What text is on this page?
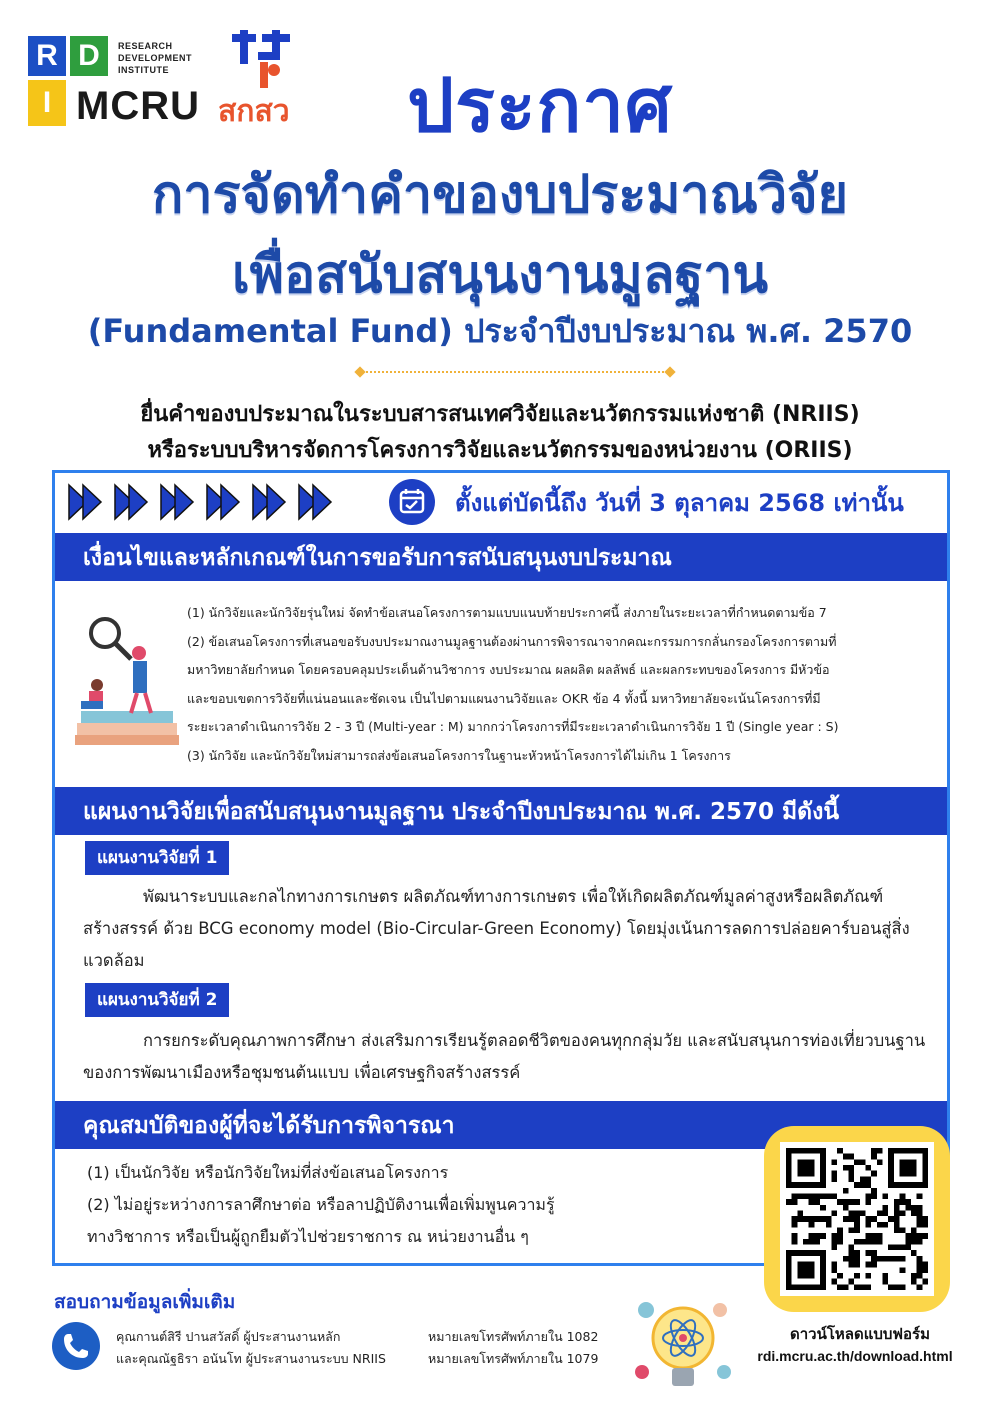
R D
I
RESEARCH
DEVELOPMENT
INSTITUTE
MCRU สกสว	ประกาศ
การจัดทำคำของบประมาณวิจัย
เพื่อสนับสนุนงานมูลฐาน
(Fundamental Fund) ประจำปีงบประมาณ พ.ศ. 2570
ยื่นคำของบประมาณในระบบสารสนเทศวิจัยและนวัตกรรมแห่งชาติ (NRIIS)
หรือระบบบริหารจัดการโครงการวิจัยและนวัตกรรมของหน่วยงาน (ORIIS)
ตั้งแต่บัดนี้ถึง วันที่ 3 ตุลาคม 2568 เท่านั้น
เงื่อนไขและหลักเกณฑ์ในการขอรับการสนับสนุนงบประมาณ

(1) นักวิจัยและนักวิจัยรุ่นใหม่ จัดทำข้อเสนอโครงการตามแบบแนบท้ายประกาศนี้ ส่งภายในระยะเวลาที่กำหนดตามข้อ 7

(2) ข้อเสนอโครงการที่เสนอขอรับงบประมาณงานมูลฐานต้องผ่านการพิจารณาจากคณะกรรมการกลั่นกรองโครงการตามที่

มหาวิทยาลัยกำหนด โดยครอบคลุมประเด็นด้านวิชาการ งบประมาณ ผลผลิต ผลลัพธ์ และผลกระทบของโครงการ มีหัวข้อ

และขอบเขตการวิจัยที่แน่นอนและชัดเจน เป็นไปตามแผนงานวิจัยและ OKR ข้อ 4 ทั้งนี้ มหาวิทยาลัยจะเน้นโครงการที่มี

ระยะเวลาดำเนินการวิจัย 2 - 3 ปี (Multi-year : M) มากกว่าโครงการที่มีระยะเวลาดำเนินการวิจัย 1 ปี (Single year : S)

(3) นักวิจัย และนักวิจัยใหม่สามารถส่งข้อเสนอโครงการในฐานะหัวหน้าโครงการได้ไม่เกิน 1 โครงการ

แผนงานวิจัยเพื่อสนับสนุนงานมูลฐาน ประจำปีงบประมาณ พ.ศ. 2570 มีดังนี้
แผนงานวิจัยที่ 1
พัฒนาระบบและกลไกทางการเกษตร ผลิตภัณฑ์ทางการเกษตร เพื่อให้เกิดผลิตภัณฑ์มูลค่าสูงหรือผลิตภัณฑ์สร้างสรรค์ ด้วย BCG economy model (Bio-Circular-Green Economy) โดยมุ่งเน้นการลดการปล่อยคาร์บอนสู่สิ่งแวดล้อม
แผนงานวิจัยที่ 2
การยกระดับคุณภาพการศึกษา ส่งเสริมการเรียนรู้ตลอดชีวิตของคนทุกกลุ่มวัย และสนับสนุนการท่องเที่ยวบนฐานของการพัฒนาเมืองหรือชุมชนต้นแบบ เพื่อเศรษฐกิจสร้างสรรค์
คุณสมบัติของผู้ที่จะได้รับการพิจารณา
(1) เป็นนักวิจัย หรือนักวิจัยใหม่ที่ส่งข้อเสนอโครงการ
(2) ไม่อยู่ระหว่างการลาศึกษาต่อ หรือลาปฏิบัติงานเพื่อเพิ่มพูนความรู้
ทางวิชาการ หรือเป็นผู้ถูกยืมตัวไปช่วยราชการ ณ หน่วยงานอื่น ๆ
สอบถามข้อมูลเพิ่มเติม
คุณกานต์สิรี ปานสวัสดิ์ ผู้ประสานงานหลัก
และคุณณัฐธิรา อนันโท ผู้ประสานงานระบบ NRIIS
หมายเลขโทรศัพท์ภายใน 1082
หมายเลขโทรศัพท์ภายใน 1079
ดาวน์โหลดแบบฟอร์ม
rdi.mcru.ac.th/download.html
